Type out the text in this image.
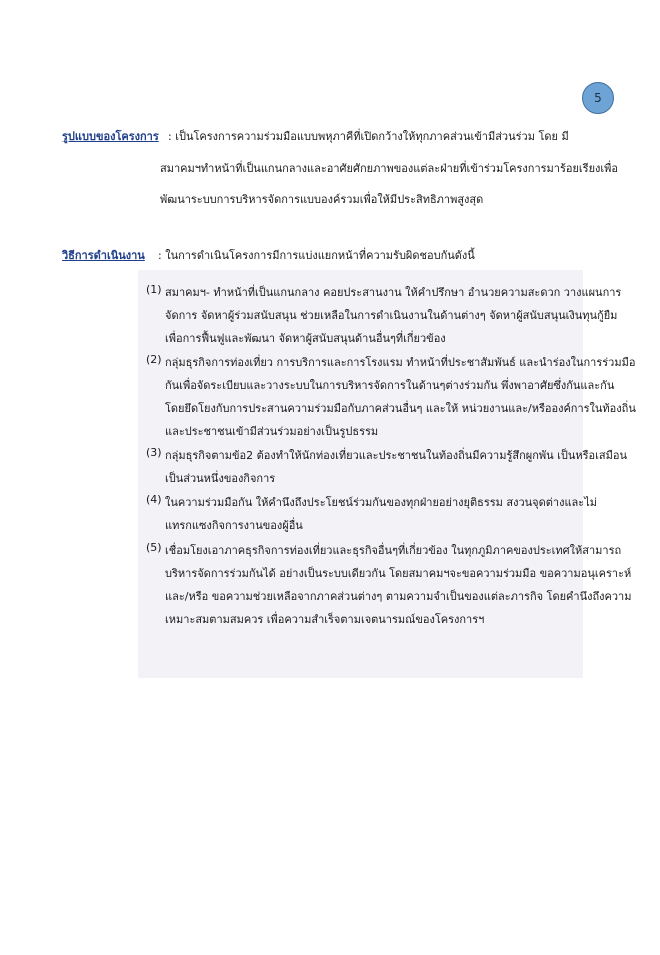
5
รูปแบบของโครงการ : เป็นโครงการความร่วมมือแบบพหุภาคีที่เปิดกว้างให้ทุกภาคส่วนเข้ามีส่วนร่วม โดย มี
สมาคมฯทำหน้าที่เป็นแกนกลางและอาศัยศักยภาพของแต่ละฝ่ายที่เข้าร่วมโครงการมาร้อยเรียงเพื่อ
พัฒนาระบบการบริหารจัดการแบบองค์รวมเพื่อให้มีประสิทธิภาพสูงสุด
วิธีการดำเนินงาน : ในการดำเนินโครงการมีการแบ่งแยกหน้าที่ความรับผิดชอบกันดังนี้
(1) สมาคมฯ- ทำหน้าที่เป็นแกนกลาง คอยประสานงาน ให้คำปรึกษา อำนวยความสะดวก วางแผนการ
จัดการ จัดหาผู้ร่วมสนับสนุน ช่วยเหลือในการดำเนินงานในด้านต่างๆ จัดหาผู้สนับสนุนเงินทุนกู้ยืม
เพื่อการฟื้นฟูและพัฒนา จัดหาผู้สนับสนุนด้านอื่นๆที่เกี่ยวข้อง
(2) กลุ่มธุรกิจการท่องเที่ยว การบริการและการโรงแรม ทำหน้าที่ประชาสัมพันธ์ และนำร่องในการร่วมมือ
กันเพื่อจัดระเบียบและวางระบบในการบริหารจัดการในด้านๆต่างร่วมกัน พึ่งพาอาศัยซึ่งกันและกัน
โดยยึดโยงกับการประสานความร่วมมือกับภาคส่วนอื่นๆ และให้ หน่วยงานและ/หรือองค์การในท้องถิ่น
และประชาชนเข้ามีส่วนร่วมอย่างเป็นรูปธรรม
(3) กลุ่มธุรกิจตามข้อ2 ต้องทำให้นักท่องเที่ยวและประชาชนในท้องถิ่นมีความรู้สึกผูกพัน เป็นหรือเสมือน
เป็นส่วนหนึ่งของกิจการ
(4) ในความร่วมมือกัน ให้คำนึงถึงประโยชน์ร่วมกันของทุกฝ่ายอย่างยุติธรรม สงวนจุดต่างและไม่
แทรกแซงกิจการงานของผู้อื่น
(5) เชื่อมโยงเอาภาคธุรกิจการท่องเที่ยวและธุรกิจอื่นๆที่เกี่ยวข้อง ในทุกภูมิภาคของประเทศให้สามารถ
บริหารจัดการร่วมกันได้ อย่างเป็นระบบเดียวกัน โดยสมาคมฯจะขอความร่วมมือ ขอความอนุเคราะห์
และ/หรือ ขอความช่วยเหลือจากภาคส่วนต่างๆ ตามความจำเป็นของแต่ละภารกิจ โดยคำนึงถึงความ
เหมาะสมตามสมควร เพื่อความสำเร็จตามเจตนารมณ์ของโครงการฯ
